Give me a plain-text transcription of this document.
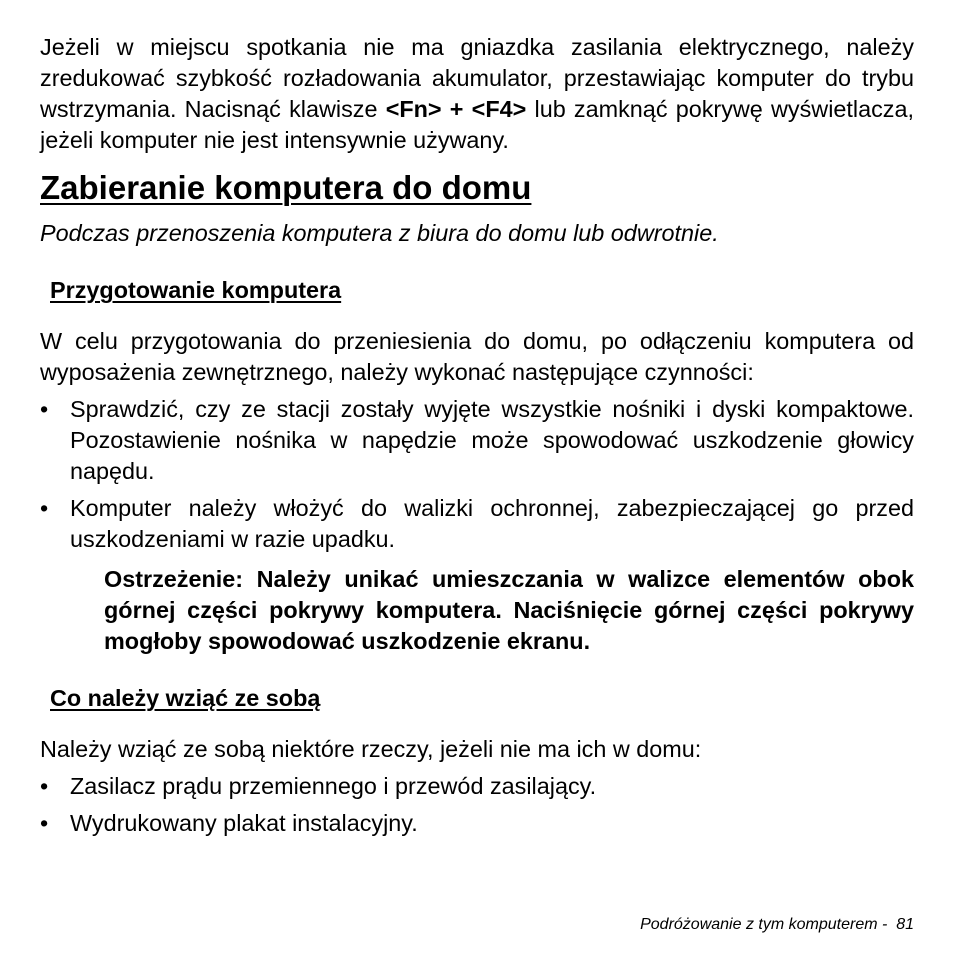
Jeżeli w miejscu spotkania nie ma gniazdka zasilania elektrycznego, należy zredukować szybkość rozładowania akumulator, przestawiając komputer do trybu wstrzymania. Nacisnąć klawisze <Fn> + <F4> lub zamknąć pokrywę wyświetlacza, jeżeli komputer nie jest intensywnie używany.

Zabieranie komputera do domu

Podczas przenoszenia komputera z biura do domu lub odwrotnie.

Przygotowanie komputera

W celu przygotowania do przeniesienia do domu, po odłączeniu komputera od wyposażenia zewnętrznego, należy wykonać następujące czynności:

• Sprawdzić, czy ze stacji zostały wyjęte wszystkie nośniki i dyski kompaktowe. Pozostawienie nośnika w napędzie może spowodować uszkodzenie głowicy napędu.
• Komputer należy włożyć do walizki ochronnej, zabezpieczającej go przed uszkodzeniami w razie upadku.

Ostrzeżenie: Należy unikać umieszczania w walizce elementów obok górnej części pokrywy komputera. Naciśnięcie górnej części pokrywy mogłoby spowodować uszkodzenie ekranu.

Co należy wziąć ze sobą

Należy wziąć ze sobą niektóre rzeczy, jeżeli nie ma ich w domu:

• Zasilacz prądu przemiennego i przewód zasilający.
• Wydrukowany plakat instalacyjny.
Podróżowanie z tym komputerem - 81
